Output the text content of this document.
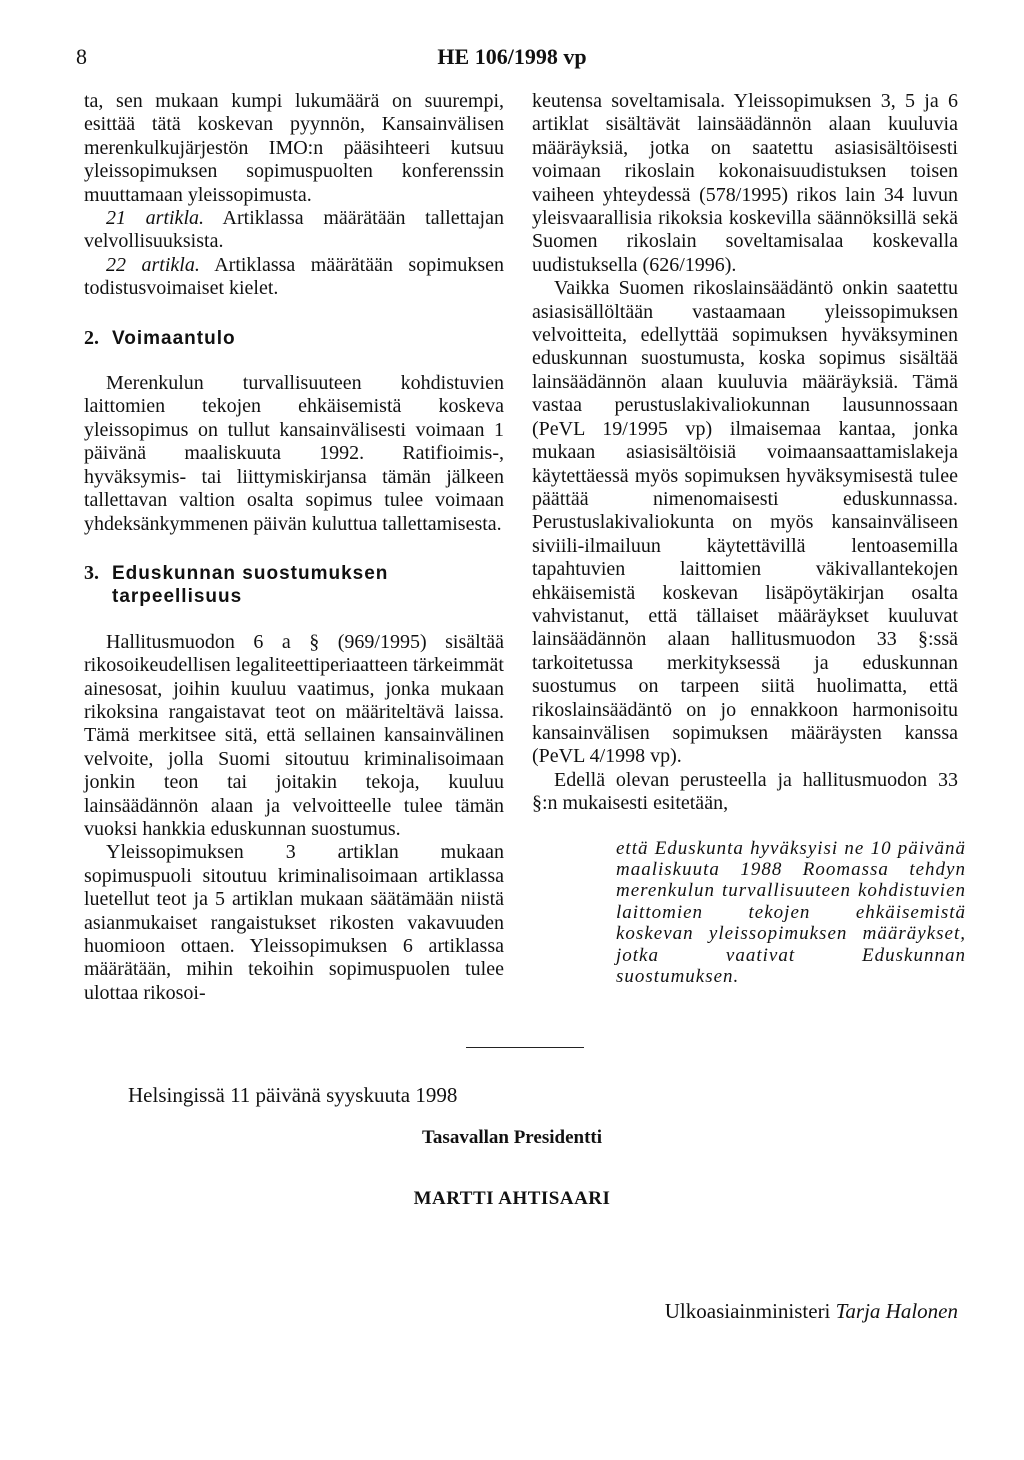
8	HE 106/1998 vp

ta, sen mukaan kumpi lukumäärä on suurempi, esittää tätä koskevan pyynnön, Kansainvälisen merenkulkujärjestön IMO:n pääsihteeri kutsuu yleissopimuksen sopimuspuolten konferenssin muuttamaan yleissopimusta.

21 artikla. Artiklassa määrätään tallettajan velvollisuuksista.

22 artikla. Artiklassa määrätään sopimuksen todistusvoimaiset kielet.

2. Voimaantulo

Merenkulun turvallisuuteen kohdistuvien laittomien tekojen ehkäisemistä koskeva yleissopimus on tullut kansainvälisesti voimaan 1 päivänä maaliskuuta 1992. Ratifioimis-, hyväksymis- tai liittymiskirjansa tämän jälkeen tallettavan valtion osalta sopimus tulee voimaan yhdeksänkymmenen päivän kuluttua tallettamisesta.

3. Eduskunnan suostumuksen
tarpeellisuus

Hallitusmuodon 6 a § (969/1995) sisältää rikosoikeudellisen legaliteettiperiaatteen tärkeimmät ainesosat, joihin kuuluu vaatimus, jonka mukaan rikoksina rangaistavat teot on määriteltävä laissa. Tämä merkitsee sitä, että sellainen kansainvälinen velvoite, jolla Suomi sitoutuu kriminalisoimaan jonkin teon tai joitakin tekoja, kuuluu lainsäädännön alaan ja velvoitteelle tulee tämän vuoksi hankkia eduskunnan suostumus.

Yleissopimuksen 3 artiklan mukaan sopimuspuoli sitoutuu kriminalisoimaan artiklassa luetellut teot ja 5 artiklan mukaan säätämään niistä asianmukaiset rangaistukset rikosten vakavuuden huomioon ottaen. Yleissopimuksen 6 artiklassa määrätään, mihin tekoihin sopimuspuolen tulee ulottaa rikosoi-

keutensa soveltamisala. Yleissopimuksen 3, 5 ja 6 artiklat sisältävät lainsäädännön alaan kuuluvia määräyksiä, jotka on saatettu asiasisältöisesti voimaan rikoslain kokonaisuudistuksen toisen vaiheen yhteydessä (578/1995) rikos lain 34 luvun yleisvaarallisia rikoksia koskevilla säännöksillä sekä Suomen rikoslain soveltamisalaa koskevalla uudistuksella (626/1996).

Vaikka Suomen rikoslainsäädäntö onkin saatettu asiasisällöltään vastaamaan yleissopimuksen velvoitteita, edellyttää sopimuksen hyväksyminen eduskunnan suostumusta, koska sopimus sisältää lainsäädännön alaan kuuluvia määräyksiä. Tämä vastaa perustuslakivaliokunnan lausunnossaan (PeVL 19/1995 vp) ilmaisemaa kantaa, jonka mukaan asiasisältöisiä voimaansaattamislakeja käytettäessä myös sopimuksen hyväksymisestä tulee päättää nimenomaisesti eduskunnassa. Perustuslakivaliokunta on myös kansainväliseen siviili-ilmailuun käytettävillä lentoasemilla tapahtuvien laittomien väkivallantekojen ehkäisemistä koskevan lisäpöytäkirjan osalta vahvistanut, että tällaiset määräykset kuuluvat lainsäädännön alaan hallitusmuodon 33 §:ssä tarkoitetussa merkityksessä ja eduskunnan suostumus on tarpeen siitä huolimatta, että rikoslainsäädäntö on jo ennakkoon harmonisoitu kansainvälisen sopimuksen määräysten kanssa (PeVL 4/1998 vp).

Edellä olevan perusteella ja hallitusmuodon 33 §:n mukaisesti esitetään,

että Eduskunta hyväksyisi ne 10 päivänä maaliskuuta 1988 Roomassa tehdyn merenkulun turvallisuuteen kohdistuvien laittomien tekojen ehkäisemistä koskevan yleissopimuksen määräykset, jotka vaativat Eduskunnan suostumuksen.

Helsingissä 11 päivänä syyskuuta 1998
Tasavallan Presidentti
MARTTI AHTISAARI
Ulkoasiainministeri Tarja Halonen
